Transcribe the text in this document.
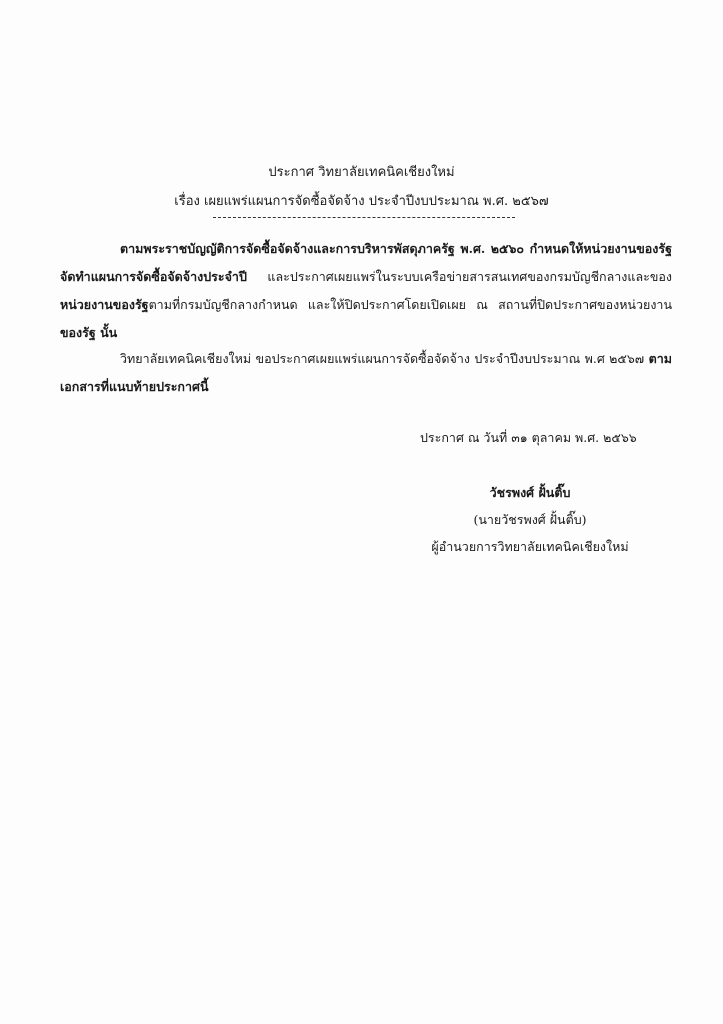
ประกาศ วิทยาลัยเทคนิคเชียงใหม่
เรื่อง เผยแพร่แผนการจัดซื้อจัดจ้าง ประจำปีงบประมาณ พ.ศ. ๒๕๖๗
ตามพระราชบัญญัติการจัดซื้อจัดจ้างและการบริหารพัสดุภาครัฐ พ.ศ. ๒๕๖๐ กำหนดให้หน่วยงานของรัฐจัดทำแผนการจัดซื้อจัดจ้างประจำปี และประกาศเผยแพร่ในระบบเครือข่ายสารสนเทศของกรมบัญชีกลางและของหน่วยงานของรัฐตามที่กรมบัญชีกลางกำหนด และให้ปิดประกาศโดยเปิดเผย ณ สถานที่ปิดประกาศของหน่วยงาน ของรัฐ นั้น
วิทยาลัยเทคนิคเชียงใหม่ ขอประกาศเผยแพร่แผนการจัดซื้อจัดจ้าง ประจำปีงบประมาณ พ.ศ ๒๕๖๗ ตามเอกสารที่แนบท้ายประกาศนี้
ประกาศ ณ วันที่ ๓๑ ตุลาคม พ.ศ. ๒๕๖๖
วัชรพงศ์ ฝั้นติ๊บ
(นายวัชรพงศ์ ฝั้นติ๊บ)
ผู้อำนวยการวิทยาลัยเทคนิคเชียงใหม่
